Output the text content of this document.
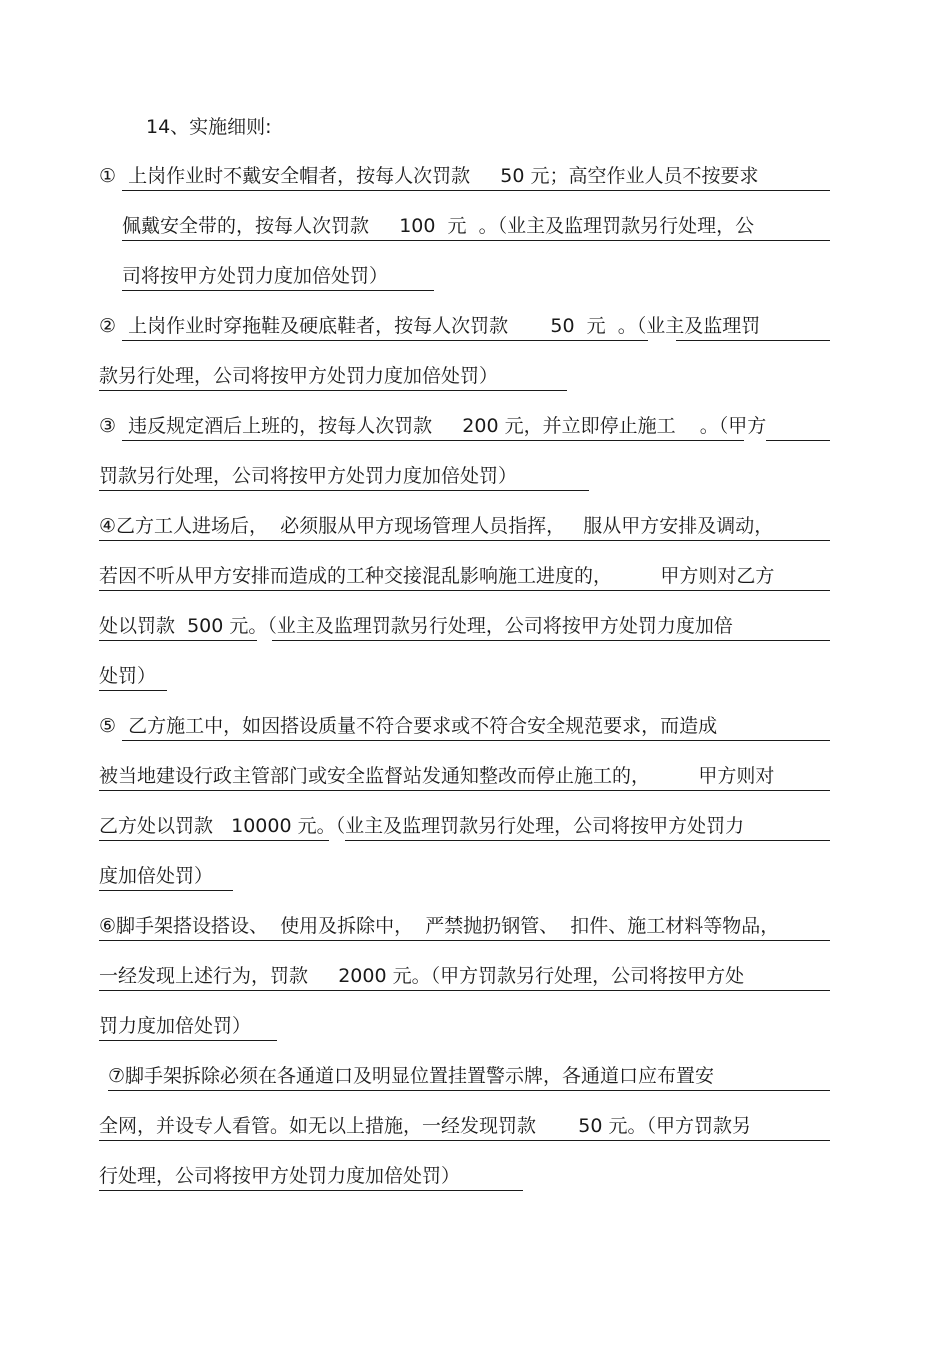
14、实施细则:
①  上岗作业时不戴安全帽者，按每人次罚款     50 元；高空作业人员不按要求
佩戴安全带的，按每人次罚款     100  元  。（业主及监理罚款另行处理，公
司将按甲方处罚力度加倍处罚）
②  上岗作业时穿拖鞋及硬底鞋者，按每人次罚款       50  元  。（业主及监理罚
款另行处理，公司将按甲方处罚力度加倍处罚）
③  违反规定酒后上班的，按每人次罚款     200 元，并立即停止施工    。（甲方
罚款另行处理，公司将按甲方处罚力度加倍处罚）
④乙方工人进场后，  必须服从甲方现场管理人员指挥，   服从甲方安排及调动，
若因不听从甲方安排而造成的工种交接混乱影响施工进度的，        甲方则对乙方
处以罚款  500 元。（业主及监理罚款另行处理，公司将按甲方处罚力度加倍
处罚）
⑤  乙方施工中，如因搭设质量不符合要求或不符合安全规范要求，而造成
被当地建设行政主管部门或安全监督站发通知整改而停止施工的，        甲方则对
乙方处以罚款   10000 元。（业主及监理罚款另行处理，公司将按甲方处罚力
度加倍处罚）
⑥脚手架搭设搭设、  使用及拆除中，  严禁抛扔钢管、  扣件、施工材料等物品，
一经发现上述行为，罚款     2000 元。（甲方罚款另行处理，公司将按甲方处
罚力度加倍处罚）
⑦脚手架拆除必须在各通道口及明显位置挂置警示牌，各通道口应布置安
全网，并设专人看管。如无以上措施，一经发现罚款       50 元。（甲方罚款另
行处理，公司将按甲方处罚力度加倍处罚）
